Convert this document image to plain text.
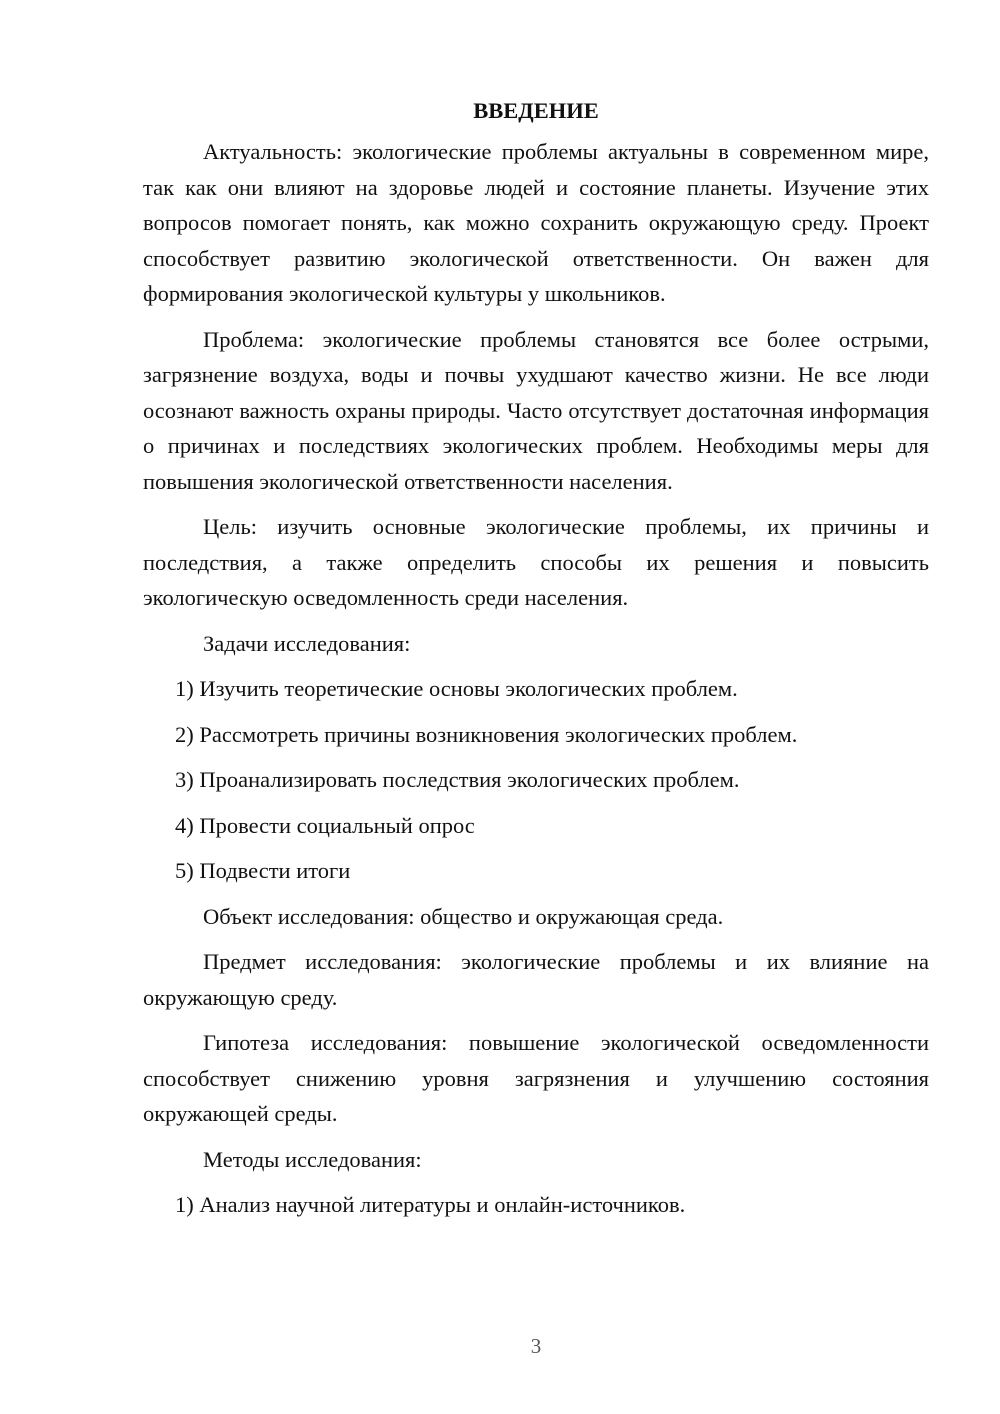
ВВЕДЕНИЕ

Актуальность: экологические проблемы актуальны в современном мире, так как они влияют на здоровье людей и состояние планеты. Изучение этих вопросов помогает понять, как можно сохранить окружающую среду. Проект способствует развитию экологической ответственности. Он важен для формирования экологической культуры у школьников.

Проблема: экологические проблемы становятся все более острыми, загрязнение воздуха, воды и почвы ухудшают качество жизни. Не все люди осознают важность охраны природы. Часто отсутствует достаточная информация о причинах и последствиях экологических проблем. Необходимы меры для повышения экологической ответственности населения.

Цель: изучить основные экологические проблемы, их причины и последствия, а также определить способы их решения и повысить экологическую осведомленность среди населения.

Задачи исследования:
1) Изучить теоретические основы экологических проблем.
2) Рассмотреть причины возникновения экологических проблем.
3) Проанализировать последствия экологических проблем.
4) Провести социальный опрос
5) Подвести итоги

Объект исследования: общество и окружающая среда.

Предмет исследования: экологические проблемы и их влияние на окружающую среду.

Гипотеза исследования: повышение экологической осведомленности способствует снижению уровня загрязнения и улучшению состояния окружающей среды.

Методы исследования:
1) Анализ научной литературы и онлайн-источников.
3
